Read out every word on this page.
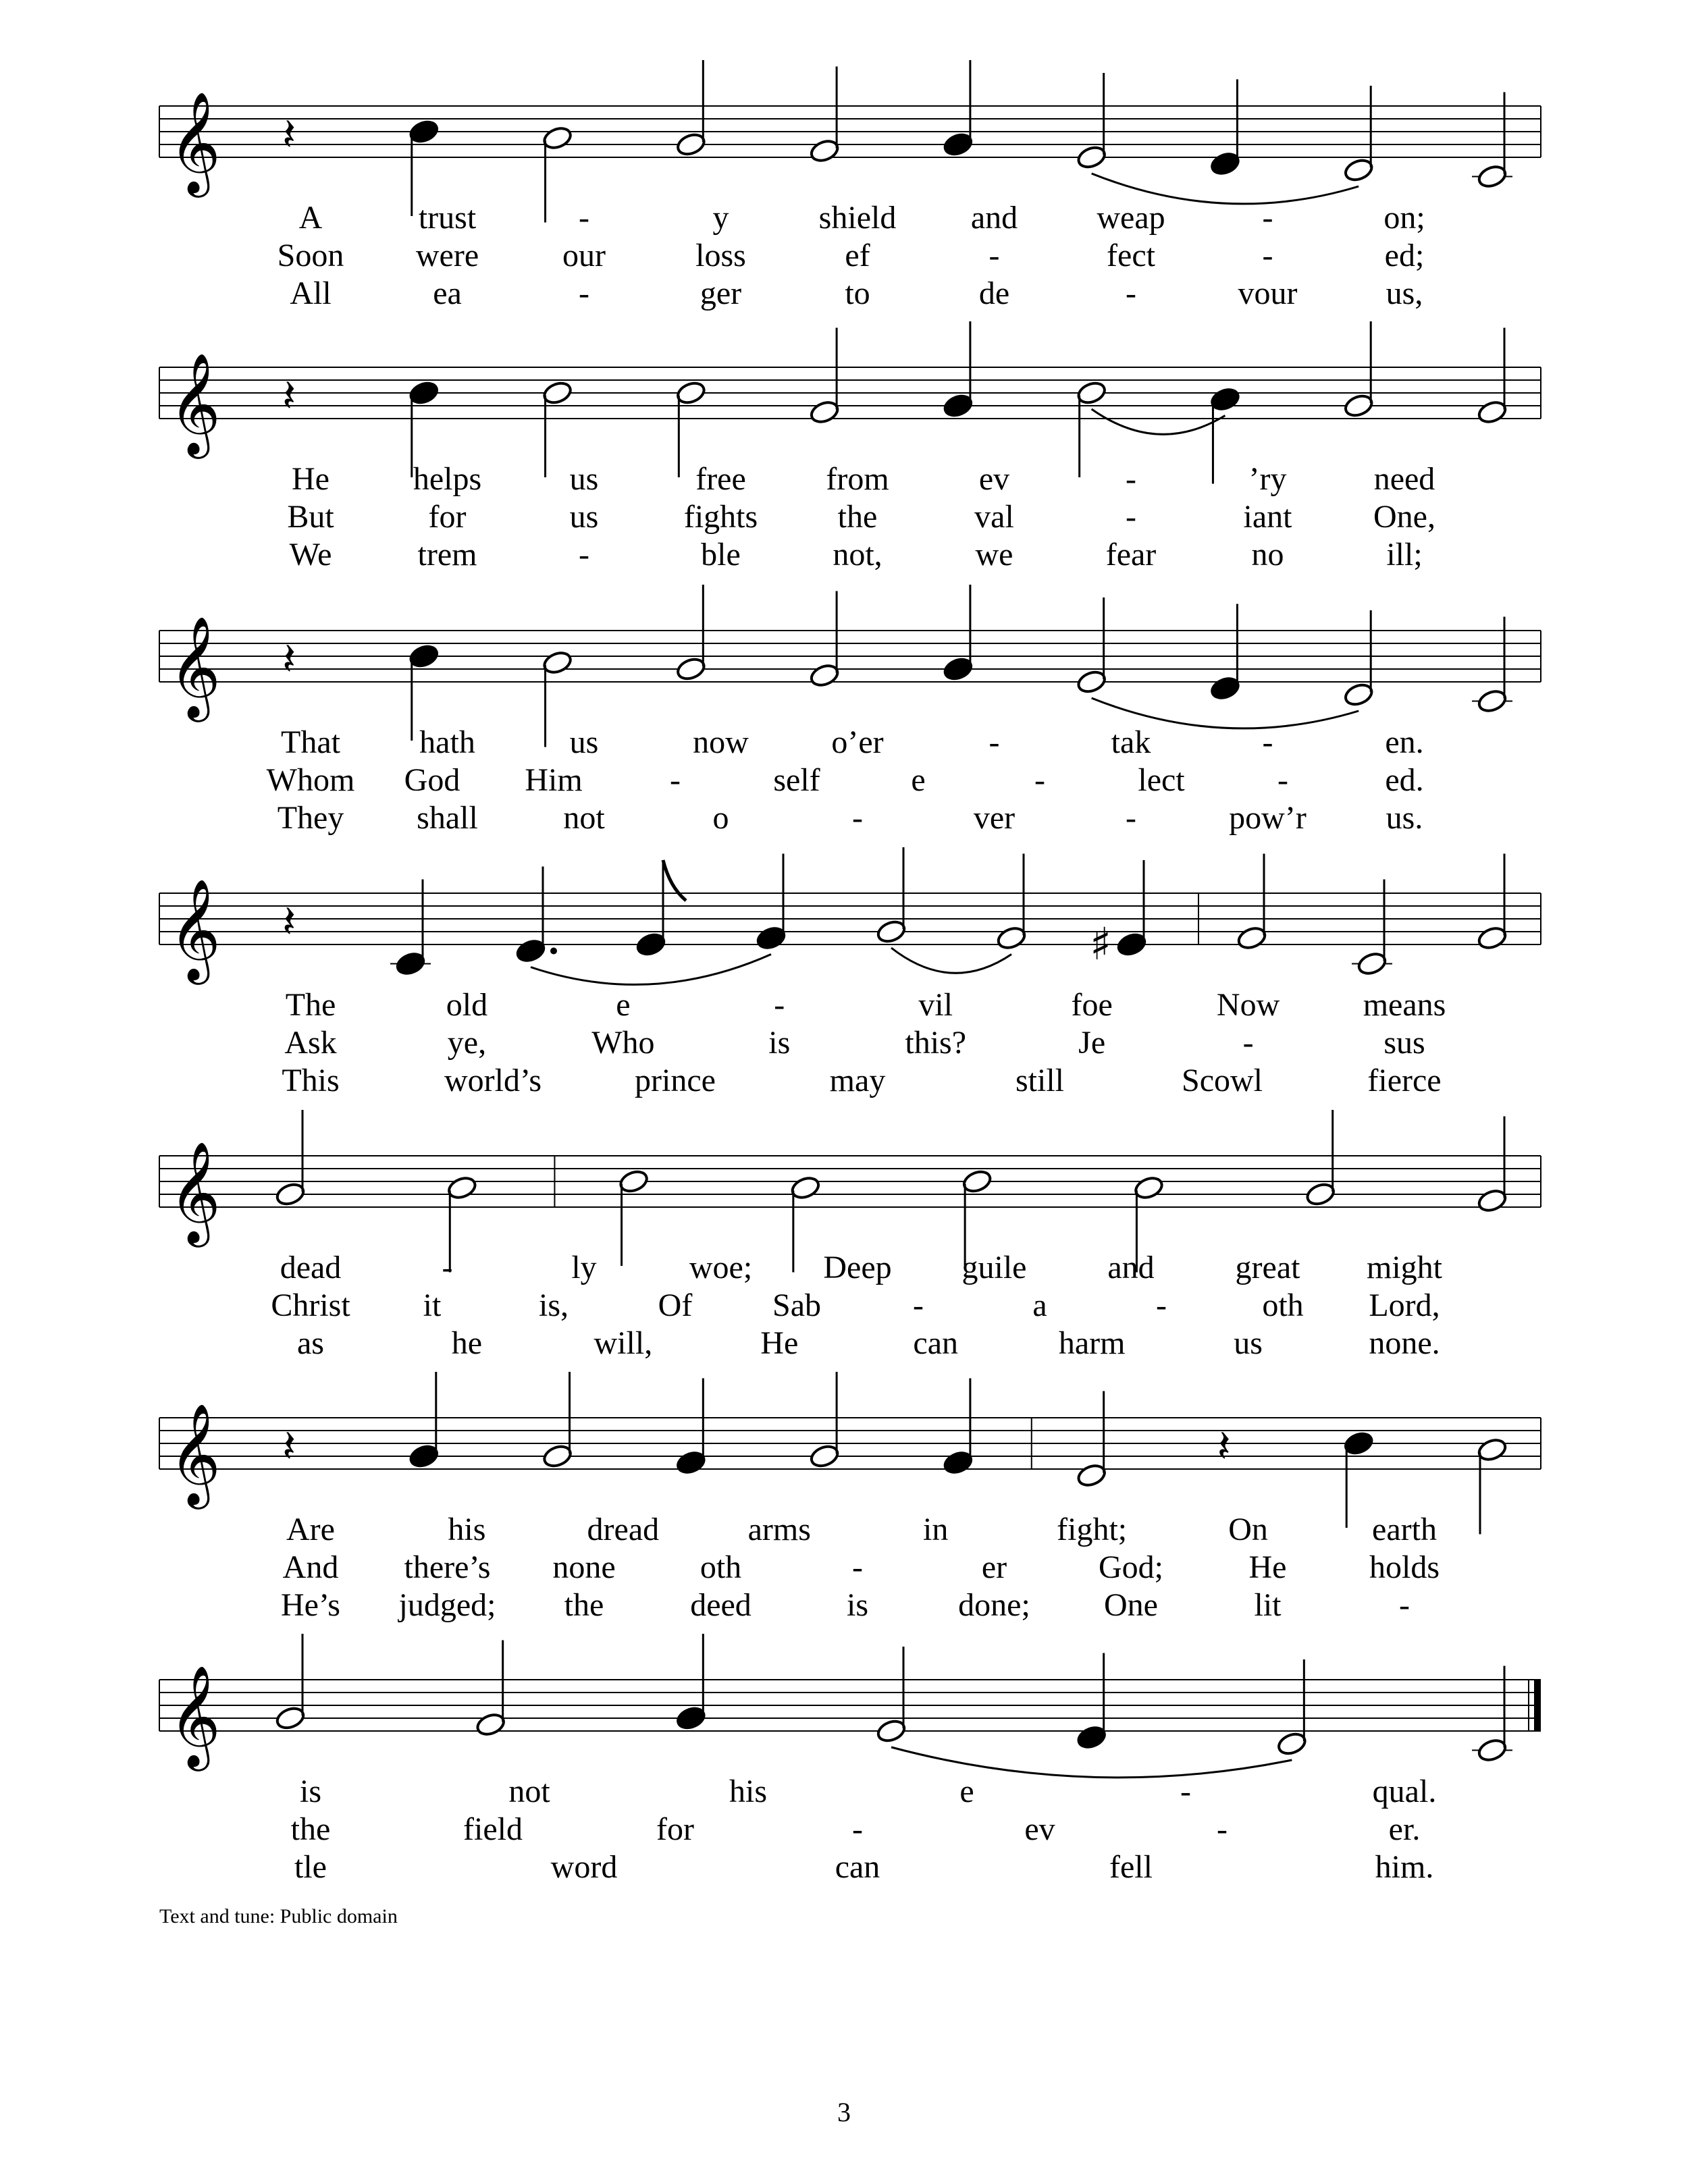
𝄞 𝄽
A	trust	-	y	shield and weap	-	on;
Soon were	our	loss	ef	-	fect	-	ed;
All	ea	-	ger	to	de	-	vour	us,
𝄞 𝄽
He	helps	us	free from	ev	-	’ry	need
But	for	us	fights the	val	-	iant	One,
We	trem	-	ble	not,	we	fear	no	ill;
𝄞 𝄽
That hath	us	now	o’er	-	tak	-	en.
Whom God Him	-	self	e	-	lect	-	ed.
They shall	not	o	-	ver	-	pow’r us.
𝄞 𝄽	♯
The	old	e	-	vil	foe	Now	means
Ask	ye,	Who	is	this?	Je	-	sus
This	world’s	prince	may	still	Scowl	fierce
𝄞
dead	-	ly	woe; Deep guile and great might
Christ it	is,	Of Sab	-	a	-	oth Lord,
as	he	will,	He	can	harm	us	none.
𝄞 𝄽	𝄽
Are	his	dread	arms	in	fight;	On	earth
And there’s none	oth	-	er	God;	He	holds
He’s judged; the	deed	is	done; One	lit	-
𝄞
is	not	his	e	-	qual.
the	field	for	-	ev	-	er.
tle	word	can	fell	him.
Text and tune: Public domain
3
